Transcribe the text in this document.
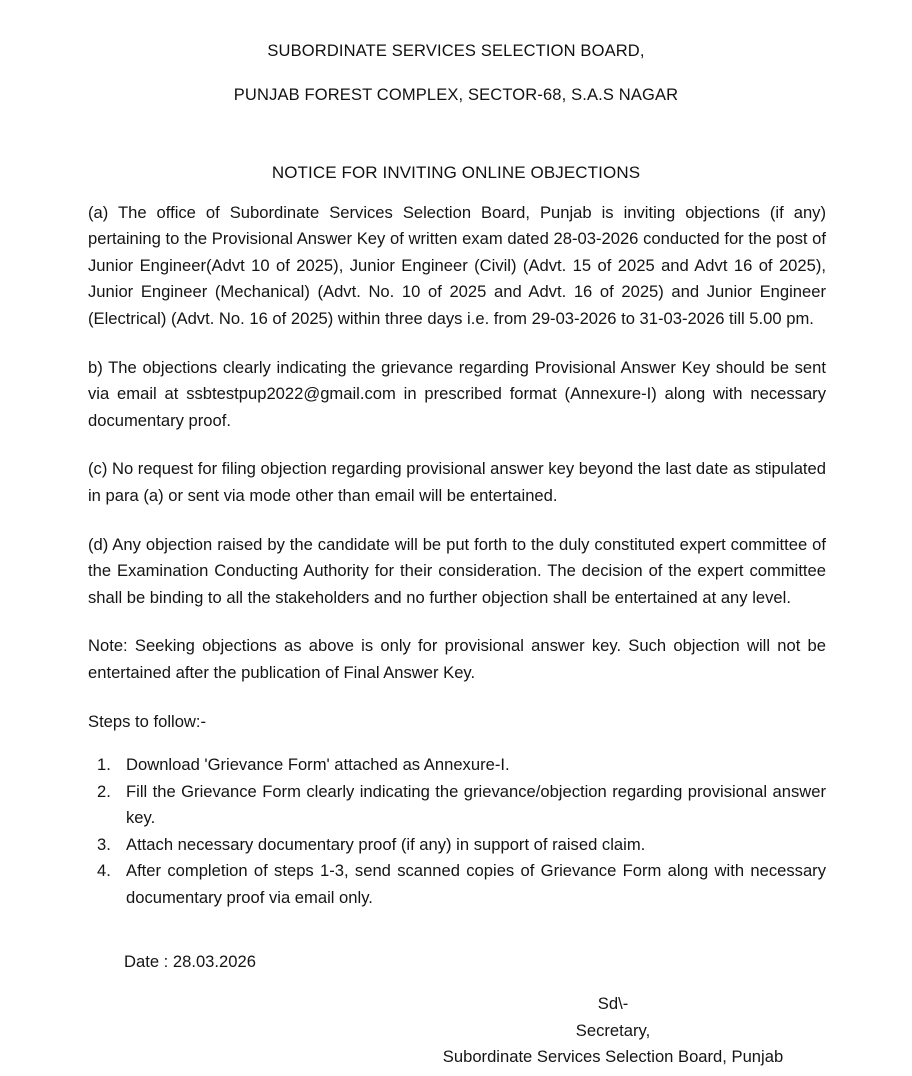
SUBORDINATE SERVICES SELECTION BOARD,
PUNJAB FOREST COMPLEX, SECTOR-68, S.A.S NAGAR
NOTICE FOR INVITING ONLINE OBJECTIONS

(a) The office of Subordinate Services Selection Board, Punjab is inviting objections (if any) pertaining to the Provisional Answer Key of written exam dated 28-03-2026 conducted for the post of Junior Engineer(Advt 10 of 2025), Junior Engineer (Civil) (Advt. 15 of 2025 and Advt 16 of 2025), Junior Engineer (Mechanical) (Advt. No. 10 of 2025 and Advt. 16 of 2025) and Junior Engineer (Electrical) (Advt. No. 16 of 2025) within three days i.e. from 29-03-2026 to 31-03-2026 till 5.00 pm.

b) The objections clearly indicating the grievance regarding Provisional Answer Key should be sent via email at ssbtestpup2022@gmail.com in prescribed format (Annexure-I) along with necessary documentary proof.

(c) No request for filing objection regarding provisional answer key beyond the last date as stipulated in para (a) or sent via mode other than email will be entertained.

(d) Any objection raised by the candidate will be put forth to the duly constituted expert committee of the Examination Conducting Authority for their consideration. The decision of the expert committee shall be binding to all the stakeholders and no further objection shall be entertained at any level.

Note: Seeking objections as above is only for provisional answer key. Such objection will not be entertained after the publication of Final Answer Key.

Steps to follow:-
1. Download 'Grievance Form' attached as Annexure-I.
2. Fill the Grievance Form clearly indicating the grievance/objection regarding provisional answer key.
3. Attach necessary documentary proof (if any) in support of raised claim.
4. After completion of steps 1-3, send scanned copies of Grievance Form along with necessary documentary proof via email only.
Date : 28.03.2026
Sd\-
Secretary,
Subordinate Services Selection Board, Punjab
